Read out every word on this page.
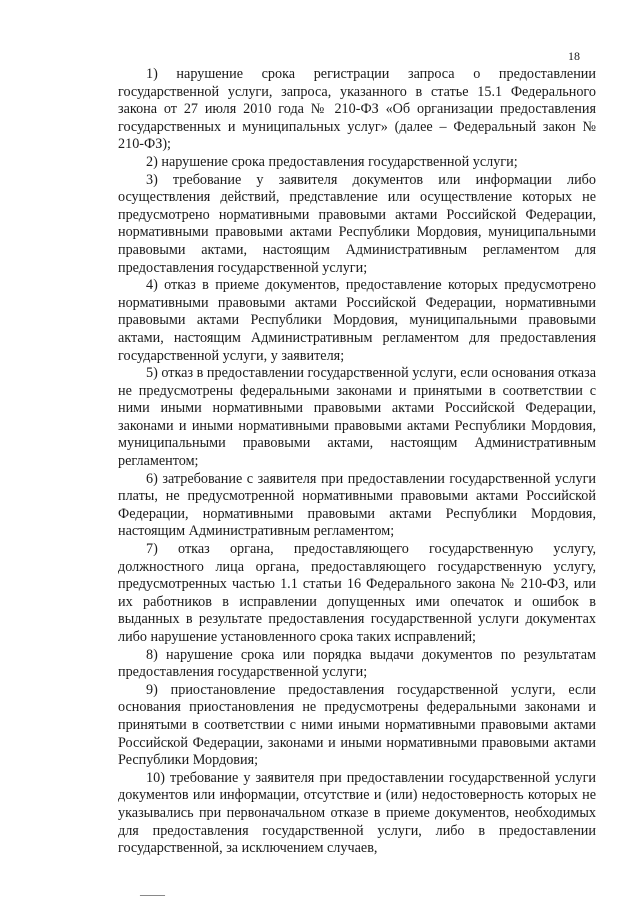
18

1) нарушение срока регистрации запроса о предоставлении государственной услуги, запроса, указанного в статье 15.1 Федерального закона от 27 июля 2010 года № 210-ФЗ «Об организации предоставления государственных и муниципальных услуг» (далее – Федеральный закон № 210-ФЗ);

2) нарушение срока предоставления государственной услуги;

3) требование у заявителя документов или информации либо осуществления действий, представление или осуществление которых не предусмотрено нормативными правовыми актами Российской Федерации, нормативными правовыми актами Республики Мордовия, муниципальными правовыми актами, настоящим Административным регламентом для предоставления государственной услуги;

4) отказ в приеме документов, предоставление которых предусмотрено нормативными правовыми актами Российской Федерации, нормативными правовыми актами Республики Мордовия, муниципальными правовыми актами, настоящим Административным регламентом для предоставления государственной услуги, у заявителя;

5) отказ в предоставлении государственной услуги, если основания отказа не предусмотрены федеральными законами и принятыми в соответствии с ними иными нормативными правовыми актами Российской Федерации, законами и иными нормативными правовыми актами Республики Мордовия, муниципальными правовыми актами, настоящим Административным регламентом;

6) затребование с заявителя при предоставлении государственной услуги платы, не предусмотренной нормативными правовыми актами Российской Федерации, нормативными правовыми актами Республики Мордовия, настоящим Административным регламентом;

7) отказ органа, предоставляющего государственную услугу, должностного лица органа, предоставляющего государственную услугу, предусмотренных частью 1.1 статьи 16 Федерального закона № 210-ФЗ, или их работников в исправлении допущенных ими опечаток и ошибок в выданных в результате предоставления государственной услуги документах либо нарушение установленного срока таких исправлений;

8) нарушение срока или порядка выдачи документов по результатам предоставления государственной услуги;

9) приостановление предоставления государственной услуги, если основания приостановления не предусмотрены федеральными законами и принятыми в соответствии с ними иными нормативными правовыми актами Российской Федерации, законами и иными нормативными правовыми актами Республики Мордовия;

10) требование у заявителя при предоставлении государственной услуги документов или информации, отсутствие и (или) недостоверность которых не указывались при первоначальном отказе в приеме документов, необходимых для предоставления государственной услуги, либо в предоставлении государственной, за исключением случаев,

——–
